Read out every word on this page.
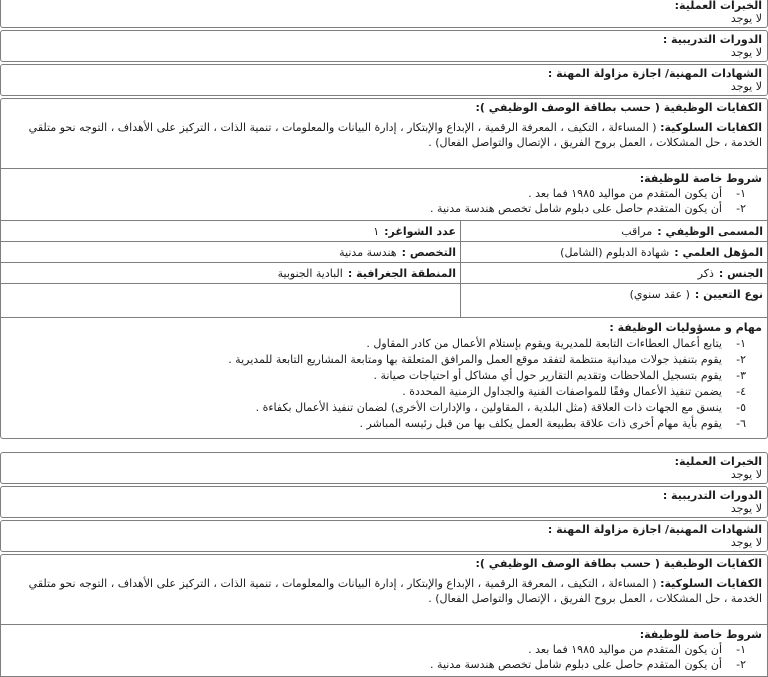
الخبرات العملية:
لا يوجد
الدورات التدريبية :
لا يوجد
الشهادات المهنية/ اجازة مزاولة المهنة :
لا يوجد
الكفايات الوظيفية ( حسب بطاقة الوصف الوظيفي ):
الكفايات السلوكية: ( المساءلة ، التكيف ، المعرفة الرقمية ، الإبداع والإبتكار ، إدارة البيانات والمعلومات ، تنمية الذات ، التركيز على الأهداف ، التوجه نحو متلقي الخدمة ، حل المشكلات ، العمل بروح الفريق ، الإتصال والتواصل الفعال) .
شروط خاصة للوظيفة:
١-أن يكون المتقدم من مواليد ١٩٨٥ فما بعد .
٢-أن يكون المتقدم حاصل على دبلوم شامل تخصص هندسة مدنية .
المسمى الوظيفي :مراقب
عدد الشواغر:١
المؤهل العلمي :شهادة الدبلوم (الشامل)
التخصص :هندسة مدنية
الجنس :ذكر
المنطقة الجغرافية :البادية الجنوبية
نوع التعيين :( عقد سنوي)
مهام و مسؤوليات الوظيفة :
١-يتابع أعمال العطاءات التابعة للمديرية ويقوم بإستلام الأعمال من كادر المقاول .
٢-يقوم بتنفيذ جولات ميدانية منتظمة لتفقد موقع العمل والمرافق المتعلقة بها ومتابعة المشاريع التابعة للمديرية .
٣-يقوم بتسجيل الملاحظات وتقديم التقارير حول أي مشاكل أو احتياجات صيانة .
٤-يضمن تنفيذ الأعمال وفقًا للمواصفات الفنية والجداول الزمنية المحددة .
٥-ينسق مع الجهات ذات العلاقة (مثل البلدية ، المقاولين ، والإدارات الأخرى) لضمان تنفيذ الأعمال بكفاءة .
٦-يقوم بأية مهام أخرى ذات علاقة بطبيعة العمل يكلف بها من قبل رئيسه المباشر .
الخبرات العملية:
لا يوجد
الدورات التدريبية :
لا يوجد
الشهادات المهنية/ اجازة مزاولة المهنة :
لا يوجد
الكفايات الوظيفية ( حسب بطاقة الوصف الوظيفي ):
الكفايات السلوكية: ( المساءلة ، التكيف ، المعرفة الرقمية ، الإبداع والإبتكار ، إدارة البيانات والمعلومات ، تنمية الذات ، التركيز على الأهداف ، التوجه نحو متلقي الخدمة ، حل المشكلات ، العمل بروح الفريق ، الإتصال والتواصل الفعال) .
شروط خاصة للوظيفة:
١-أن يكون المتقدم من مواليد ١٩٨٥ فما بعد .
٢-أن يكون المتقدم حاصل على دبلوم شامل تخصص هندسة مدنية .
